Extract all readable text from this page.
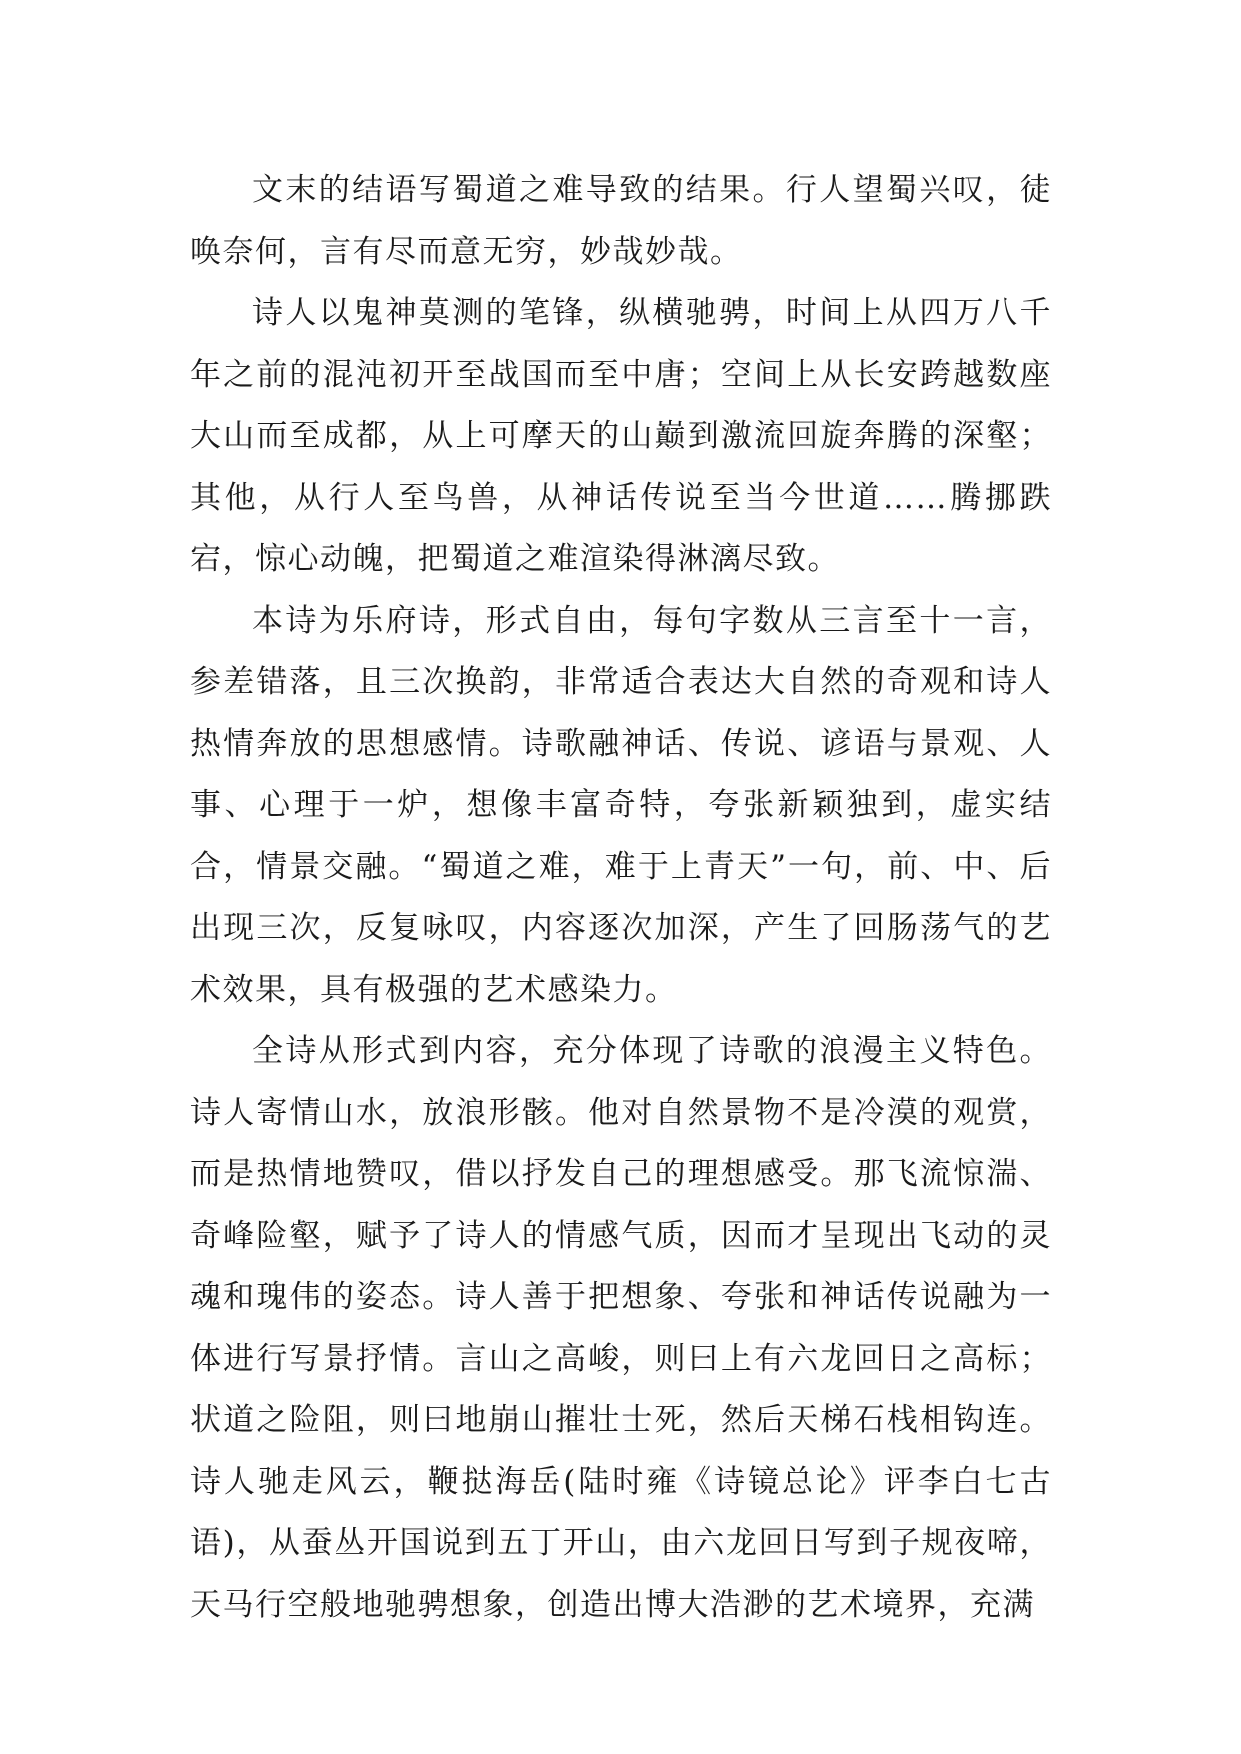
文末的结语写蜀道之难导致的结果。行人望蜀兴叹，徒唤奈何，言有尽而意无穷，妙哉妙哉。

诗人以鬼神莫测的笔锋，纵横驰骋，时间上从四万八千年之前的混沌初开至战国而至中唐；空间上从长安跨越数座大山而至成都，从上可摩天的山巅到激流回旋奔腾的深壑；其他，从行人至鸟兽，从神话传说至当今世道……腾挪跌宕，惊心动魄，把蜀道之难渲染得淋漓尽致。

本诗为乐府诗，形式自由，每句字数从三言至十一言，参差错落，且三次换韵，非常适合表达大自然的奇观和诗人热情奔放的思想感情。诗歌融神话、传说、谚语与景观、人事、心理于一炉，想像丰富奇特，夸张新颖独到，虚实结合，情景交融。“蜀道之难，难于上青天”一句，前、中、后出现三次，反复咏叹，内容逐次加深，产生了回肠荡气的艺术效果，具有极强的艺术感染力。

全诗从形式到内容，充分体现了诗歌的浪漫主义特色。诗人寄情山水，放浪形骸。他对自然景物不是冷漠的观赏，而是热情地赞叹，借以抒发自己的理想感受。那飞流惊湍、奇峰险壑，赋予了诗人的情感气质，因而才呈现出飞动的灵魂和瑰伟的姿态。诗人善于把想象、夸张和神话传说融为一体进行写景抒情。言山之高峻，则曰上有六龙回日之高标；状道之险阻，则曰地崩山摧壮士死，然后天梯石栈相钩连。诗人驰走风云，鞭挞海岳(陆时雍《诗镜总论》评李白七古语)，从蚕丛开国说到五丁开山，由六龙回日写到子规夜啼，天马行空般地驰骋想象，创造出博大浩渺的艺术境界，充满
